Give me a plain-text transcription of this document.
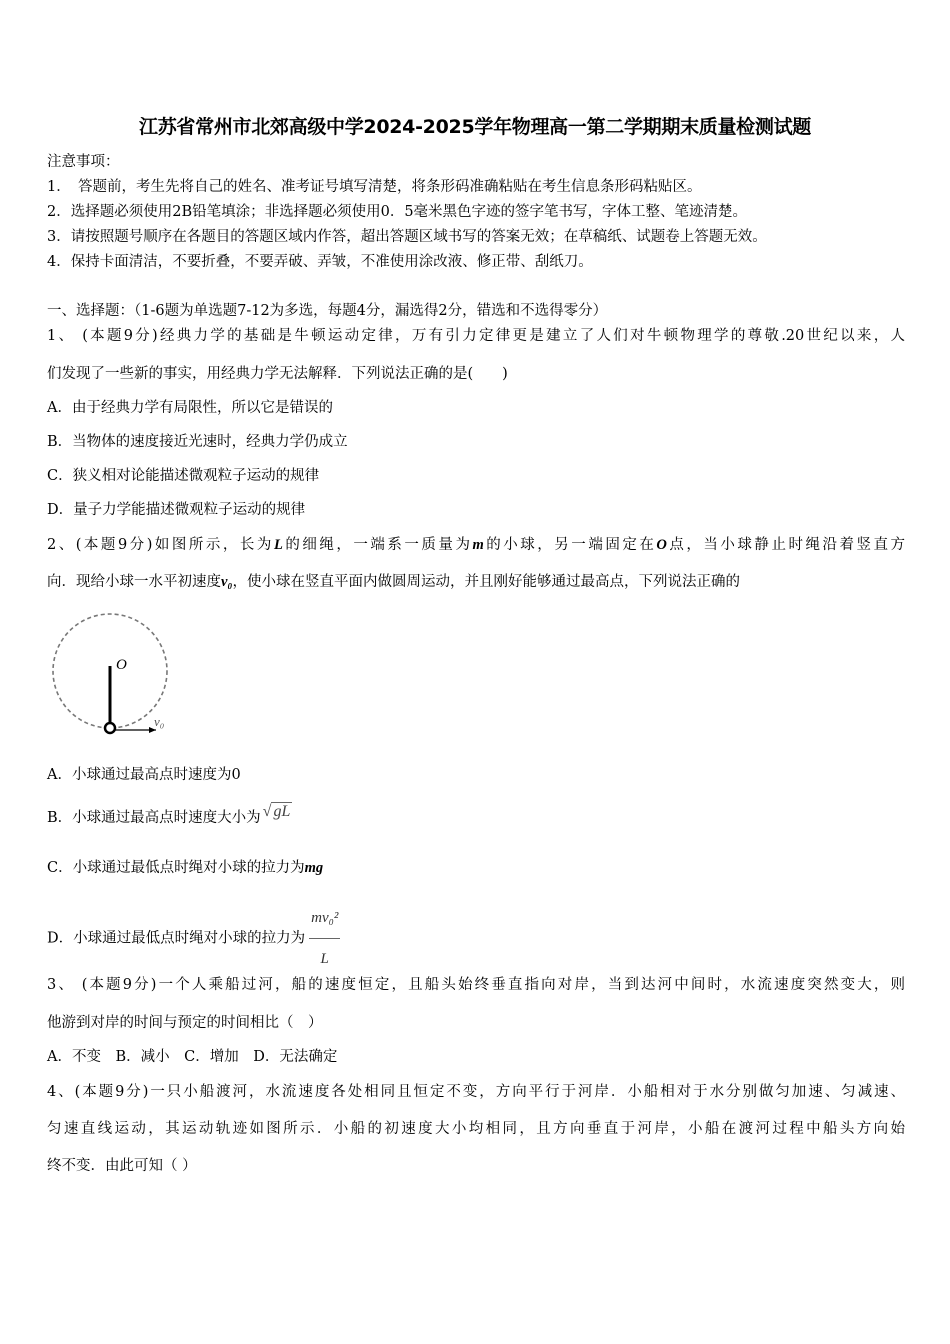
江苏省常州市北郊高级中学2024-2025学年物理高一第二学期期末质量检测试题
注意事项：
1．　答题前，考生先将自己的姓名、准考证号填写清楚，将条形码准确粘贴在考生信息条形码粘贴区。
2．选择题必须使用2B铅笔填涂；非选择题必须使用0．5毫米黑色字迹的签字笔书写，字体工整、笔迹清楚。
3．请按照题号顺序在各题目的答题区域内作答，超出答题区域书写的答案无效；在草稿纸、试题卷上答题无效。
4．保持卡面清洁，不要折叠，不要弄破、弄皱，不准使用涂改液、修正带、刮纸刀。
一、选择题：（1-6题为单选题7-12为多选，每题4分，漏选得2分，错选和不选得零分）
1、 (本题9分)经典力学的基础是牛顿运动定律，万有引力定律更是建立了人们对牛顿物理学的尊敬.20世纪以来，人
们发现了一些新的事实，用经典力学无法解释．下列说法正确的是(　　)
A．由于经典力学有局限性，所以它是错误的
B．当物体的速度接近光速时，经典力学仍成立
C．狭义相对论能描述微观粒子运动的规律
D．量子力学能描述微观粒子运动的规律
2、(本题9分)如图所示，长为L的细绳，一端系一质量为m的小球，另一端固定在O点，当小球静止时绳沿着竖直方
向．现给小球一水平初速度v₀，使小球在竖直平面内做圆周运动，并且刚好能够通过最高点，下列说法正确的
O
v₀
A．小球通过最高点时速度为0
B．小球通过最高点时速度大小为 √ gL
C．小球通过最低点时绳对小球的拉力为mg
D．小球通过最低点时绳对小球的拉力为 $\frac{\text{mv₀²}}{L}$
3、 (本题9分)一个人乘船过河，船的速度恒定，且船头始终垂直指向对岸，当到达河中间时，水流速度突然变大，则
他游到对岸的时间与预定的时间相比（　）
A．不变　B．减小　C．增加　D．无法确定
4、(本题9分)一只小船渡河，水流速度各处相同且恒定不变，方向平行于河岸．小船相对于水分别做匀加速、匀减速、
匀速直线运动，其运动轨迹如图所示．小船的初速度大小均相同，且方向垂直于河岸，小船在渡河过程中船头方向始
终不变．由此可知（ ）
